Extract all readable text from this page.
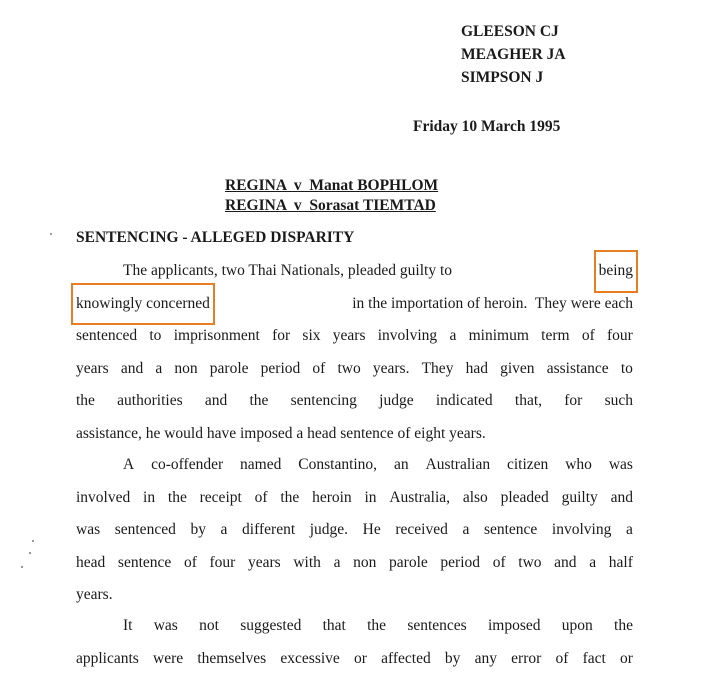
GLEESON CJ
MEAGHER JA
SIMPSON J
Friday 10 March 1995
REGINA  v  Manat BOPHLOM
REGINA  v  Sorasat TIEMTAD
SENTENCING - ALLEGED DISPARITY
The applicants, two Thai Nationals, pleaded guilty to	being
knowingly concerned	in the importation of heroin.  They were each
sentenced to imprisonment for six years involving a minimum term of four
years and a non parole period of two years. They had given assistance to
the authorities and the sentencing judge indicated that, for such
assistance, he would have imposed a head sentence of eight years.
A co-offender named Constantino, an Australian citizen who was
involved in the receipt of the heroin in Australia, also pleaded guilty and
was sentenced by a different judge. He received a sentence involving a
head sentence of four years with a non parole period of two and a half
years.
It was not suggested that the sentences imposed upon the
applicants were themselves excessive or affected by any error of fact or
